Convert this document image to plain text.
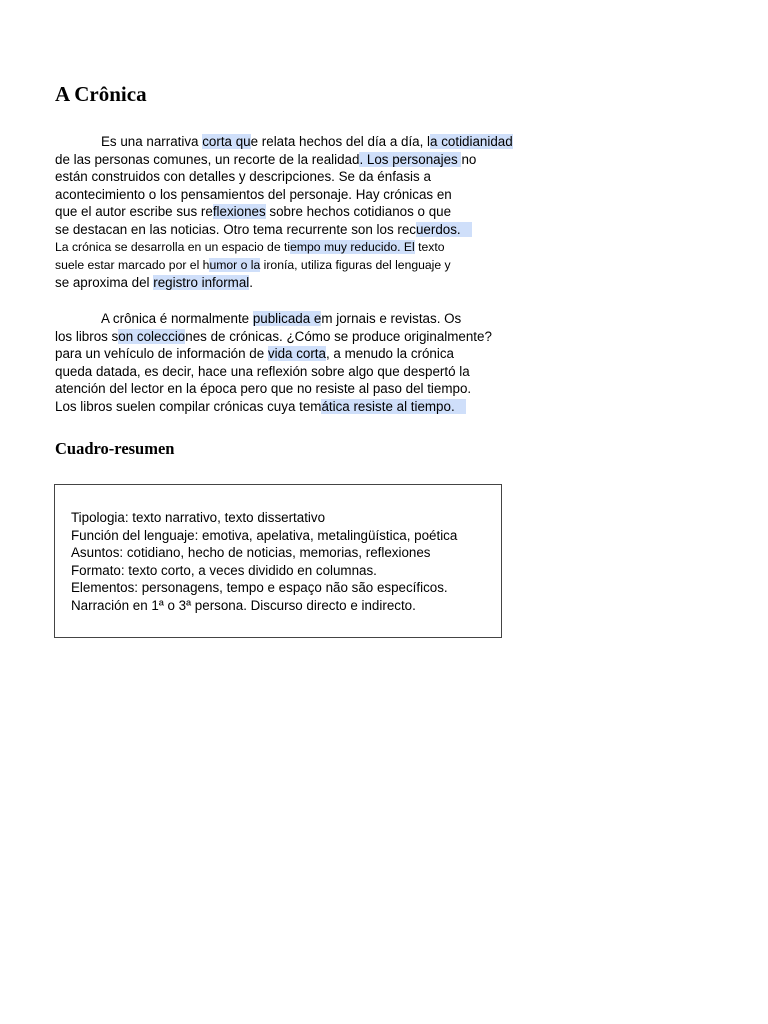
A Crônica

Es una narrativa corta que relata hechos del día a día, la cotidianidad

de las personas comunes, un recorte de la realidad. Los personajes no

están construidos con detalles y descripciones. Se da énfasis a

acontecimiento o los pensamientos del personaje. Hay crónicas en

que el autor escribe sus reflexiones sobre hechos cotidianos o que

se destacan en las noticias. Otro tema recurrente son los recuerdos.

La crónica se desarrolla en un espacio de tiempo muy reducido. El texto

suele estar marcado por el humor o la ironía, utiliza figuras del lenguaje y

se aproxima del registro informal.

A crônica é normalmente publicada em jornais e revistas. Os

los libros son colecciones de crónicas. ¿Cómo se produce originalmente?

para un vehículo de información de vida corta, a menudo la crónica

queda datada, es decir, hace una reflexión sobre algo que despertó la

atención del lector en la época pero que no resiste al paso del tiempo.

Los libros suelen compilar crónicas cuya temática resiste al tiempo.

Cuadro-resumen

Tipologia: texto narrativo, texto dissertativo

Función del lenguaje: emotiva, apelativa, metalingüística, poética

Asuntos: cotidiano, hecho de noticias, memorias, reflexiones

Formato: texto corto, a veces dividido en columnas.

Elementos: personagens, tempo e espaço não são específicos.

Narración en 1ª o 3ª persona. Discurso directo e indirecto.
